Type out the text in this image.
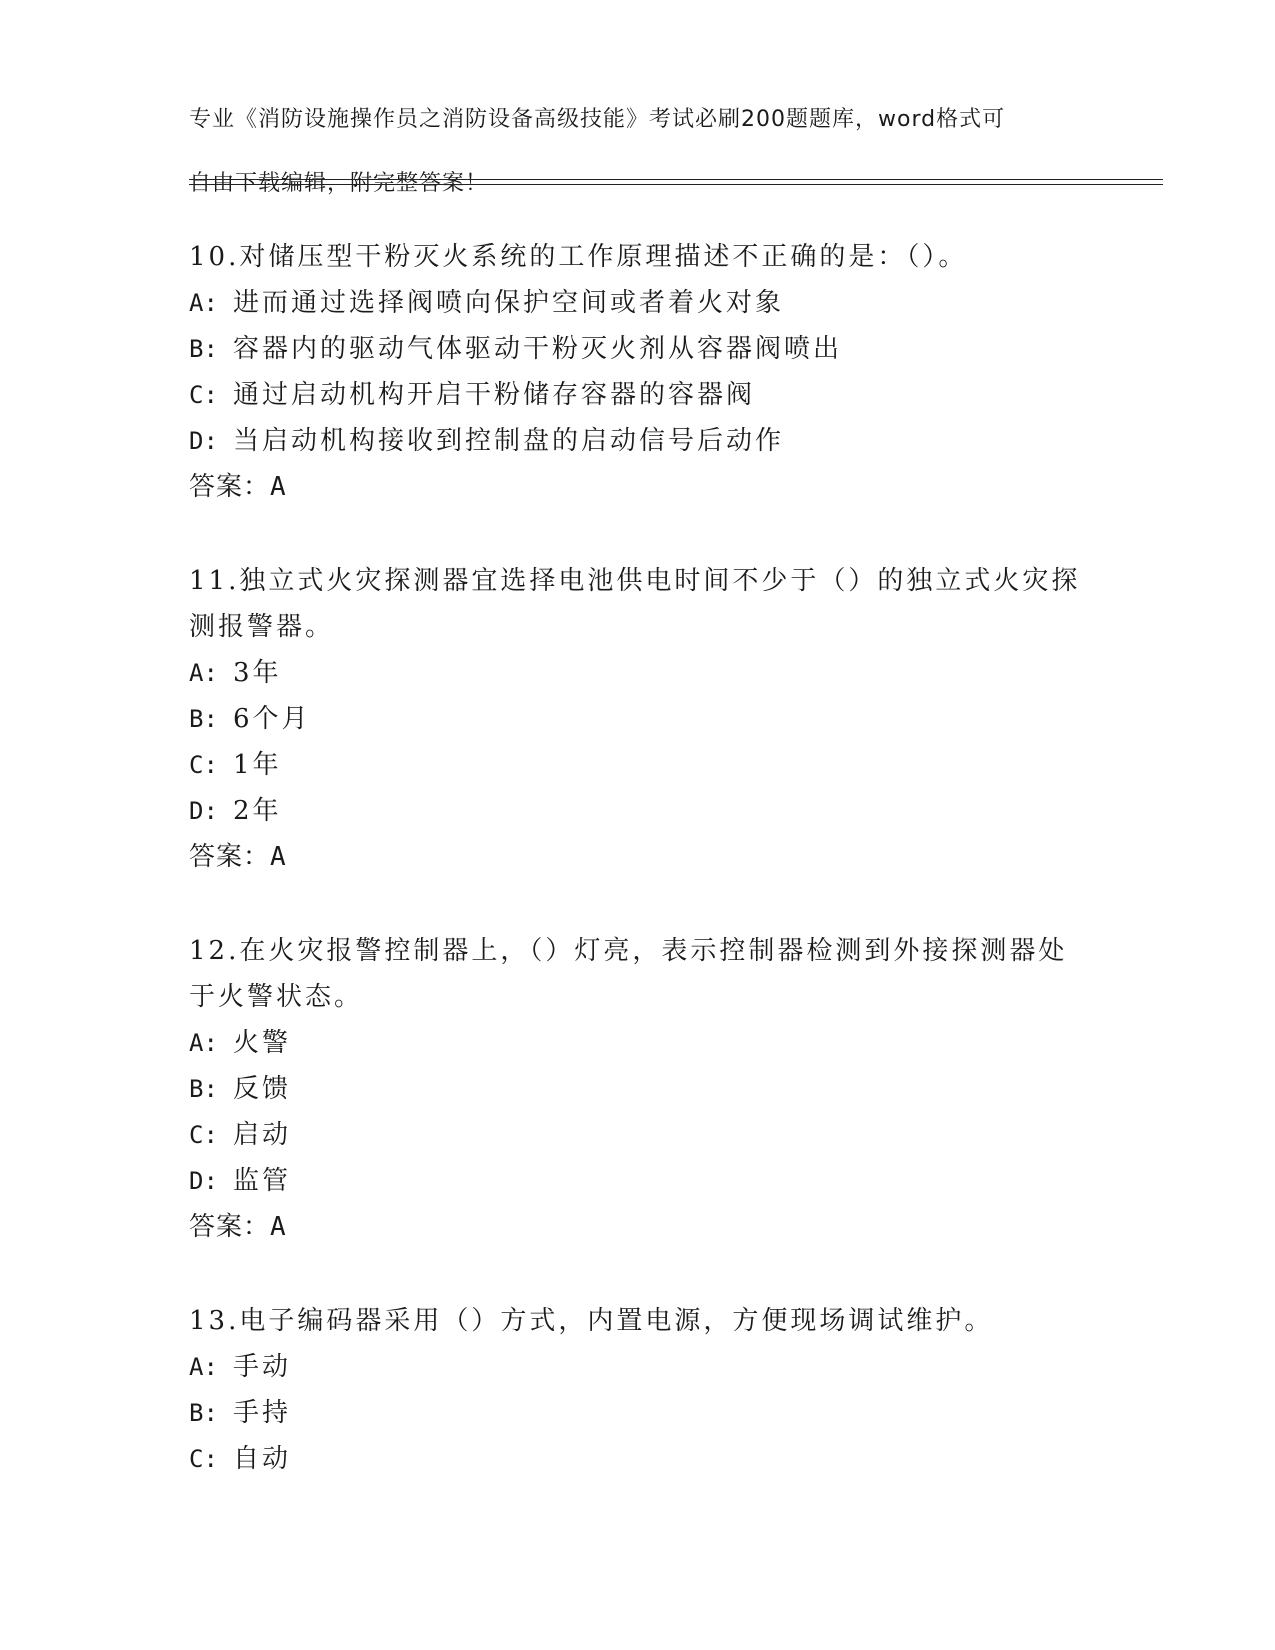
专业《消防设施操作员之消防设备高级技能》考试必刷200题题库，word格式可

自由下载编辑，附完整答案！

10.对储压型干粉灭火系统的工作原理描述不正确的是：（）。

A: 进而通过选择阀喷向保护空间或者着火对象
B: 容器内的驱动气体驱动干粉灭火剂从容器阀喷出
C: 通过启动机构开启干粉储存容器的容器阀
D: 当启动机构接收到控制盘的启动信号后动作

答案：A

11.独立式火灾探测器宜选择电池供电时间不少于（）的独立式火灾探测报警器。

A: 3年
B: 6个月
C: 1年
D: 2年

答案：A

12.在火灾报警控制器上，（）灯亮，表示控制器检测到外接探测器处于火警状态。

A: 火警
B: 反馈
C: 启动
D: 监管

答案：A

13.电子编码器采用（）方式，内置电源，方便现场调试维护。

A: 手动
B: 手持
C: 自动
